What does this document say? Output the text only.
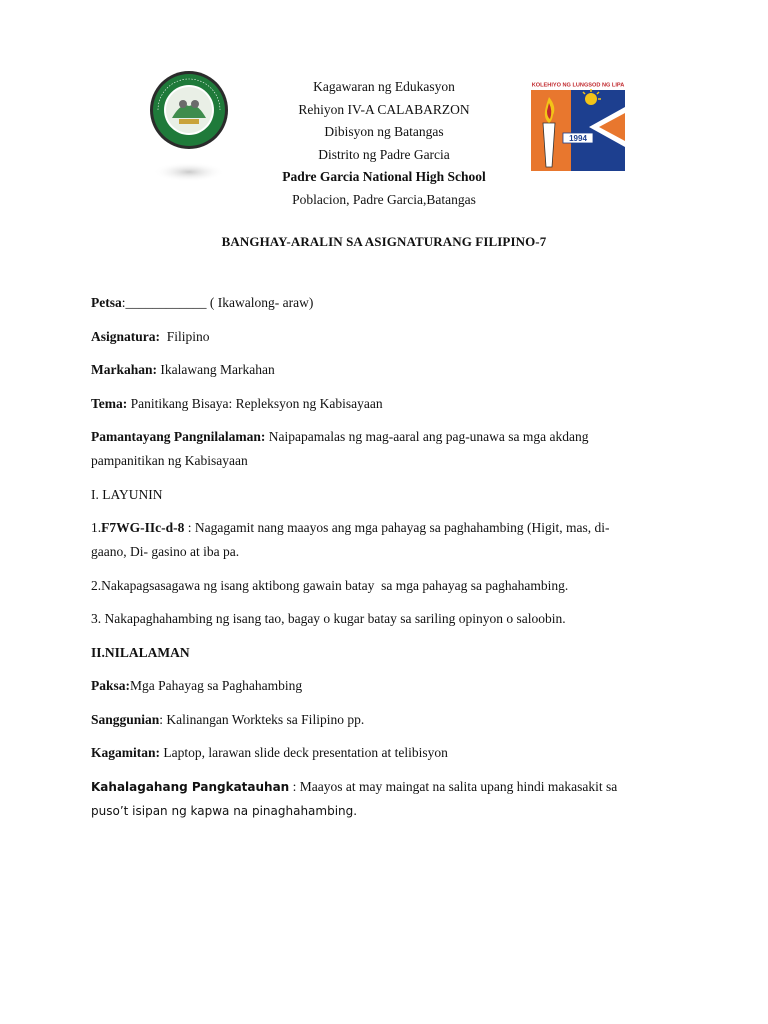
Kagawaran ng Edukasyon
Rehiyon IV-A CALABARZON
Dibisyon ng Batangas
Distrito ng Padre Garcia
Padre Garcia National High School
Poblacion, Padre Garcia,Batangas
1994
KOLEHIYO NG LUNGSOD NG LIPA
BANGHAY-ARALIN SA ASIGNATURANG FILIPINO-7

Petsa:____________ ( Ikawalong- araw)

Asignatura:  Filipino

Markahan: Ikalawang Markahan

Tema: Panitikang Bisaya: Repleksyon ng Kabisayaan

Pamantayang Pangnilalaman: Naipapamalas ng mag-aaral ang pag-unawa sa mga akdang

pampanitikan ng Kabisayaan

I. LAYUNIN

1.F7WG-IIc-d-8 : Nagagamit nang maayos ang mga pahayag sa paghahambing (Higit, mas, di-

gaano, Di- gasino at iba pa.

2.Nakapagsasagawa ng isang aktibong gawain batay  sa mga pahayag sa paghahambing.

3. Nakapaghahambing ng isang tao, bagay o kugar batay sa sariling opinyon o saloobin.

II.NILALAMAN

Paksa:Mga Pahayag sa Paghahambing

Sanggunian: Kalinangan Workteks sa Filipino pp.

Kagamitan: Laptop, larawan slide deck presentation at telibisyon

Kahalagahang Pangkatauhan : Maayos at may maingat na salita upang hindi makasakit sa

puso’t isipan ng kapwa na pinaghahambing.
